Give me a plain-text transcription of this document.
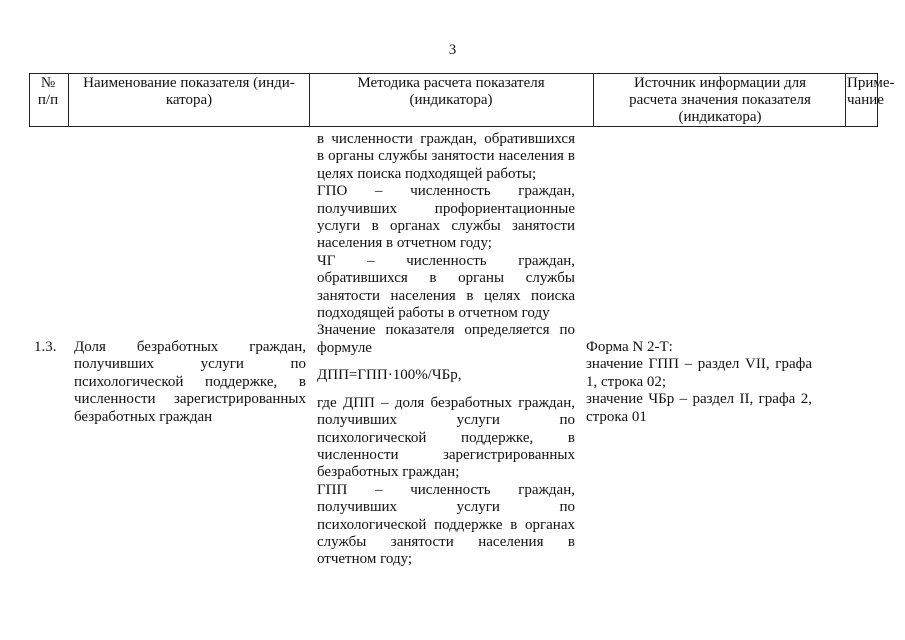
3
№
п/п
Наименование показателя (инди-
катора)
Методика расчета показателя
(индикатора)
Источник информации для
расчета значения показателя
(индикатора)
Приме-
чание

в численности граждан, обратившихся в органы службы занятости населения в целях поиска подходящей работы;

ГПО – численность граждан, получивших профориентационные услуги в органах службы занятости населения в отчетном году;

ЧГ – численность граждан, обратившихся в органы службы занятости населения в целях поиска подходящей работы в отчетном году

Значение показателя определяется по формуле

ДПП=ГПП·100%/ЧБр,

где ДПП – доля безработных граждан, получивших услуги по психологической поддержке, в численности зарегистрированных безработных граждан;

ГПП – численность граждан, получивших услуги по психологической поддержке в органах службы занятости населения в отчетном году;

1.3.	Доля безработных граждан, получивших услуги по психологической поддержке, в численности зарегистрированных безработных граждан

Форма N 2-Т:

значение ГПП – раздел VII, графа 1, строка 02;

значение ЧБр – раздел II, графа 2, строка 01
